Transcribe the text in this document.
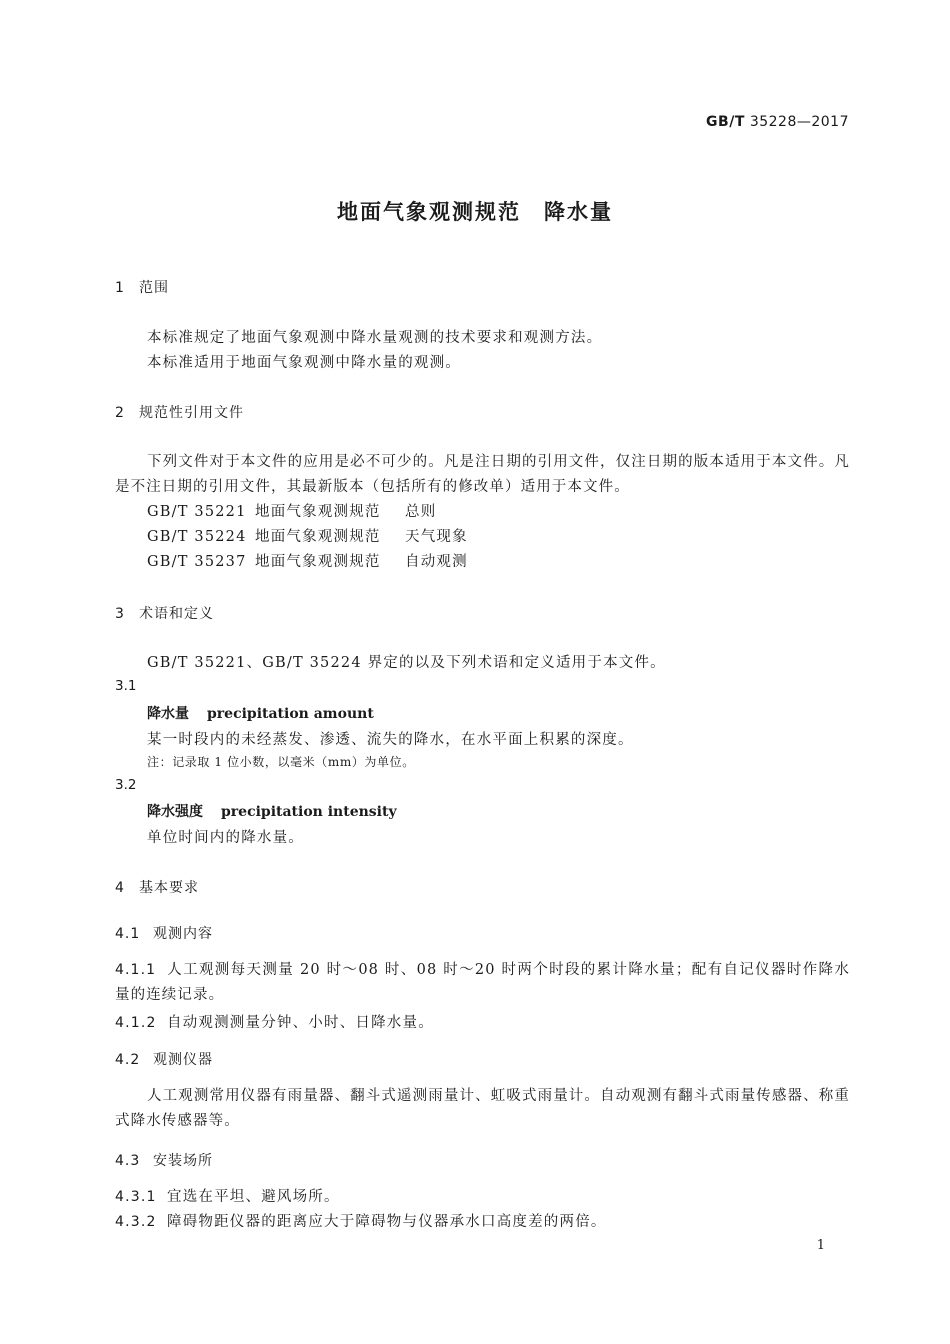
GB/T 35228—2017
地面气象观测规范　降水量
1 范围
本标准规定了地面气象观测中降水量观测的技术要求和观测方法。
本标准适用于地面气象观测中降水量的观测。
2 规范性引用文件
下列文件对于本文件的应用是必不可少的。凡是注日期的引用文件，仅注日期的版本适用于本文件。凡是不注日期的引用文件，其最新版本（包括所有的修改单）适用于本文件。
GB/T 35221 地面气象观测规范 总则
GB/T 35224 地面气象观测规范 天气现象
GB/T 35237 地面气象观测规范 自动观测
3 术语和定义
GB/T 35221、GB/T 35224 界定的以及下列术语和定义适用于本文件。
3.1
降水量 precipitation amount
某一时段内的未经蒸发、渗透、流失的降水，在水平面上积累的深度。
注：记录取 1 位小数，以毫米（mm）为单位。
3.2
降水强度 precipitation intensity
单位时间内的降水量。
4 基本要求
4.1 观测内容
4.1.1 人工观测每天测量 20 时～08 时、08 时～20 时两个时段的累计降水量；配有自记仪器时作降水量的连续记录。
4.1.2 自动观测测量分钟、小时、日降水量。
4.2 观测仪器
人工观测常用仪器有雨量器、翻斗式遥测雨量计、虹吸式雨量计。自动观测有翻斗式雨量传感器、称重式降水传感器等。
4.3 安装场所
4.3.1 宜选在平坦、避风场所。
4.3.2 障碍物距仪器的距离应大于障碍物与仪器承水口高度差的两倍。
1
